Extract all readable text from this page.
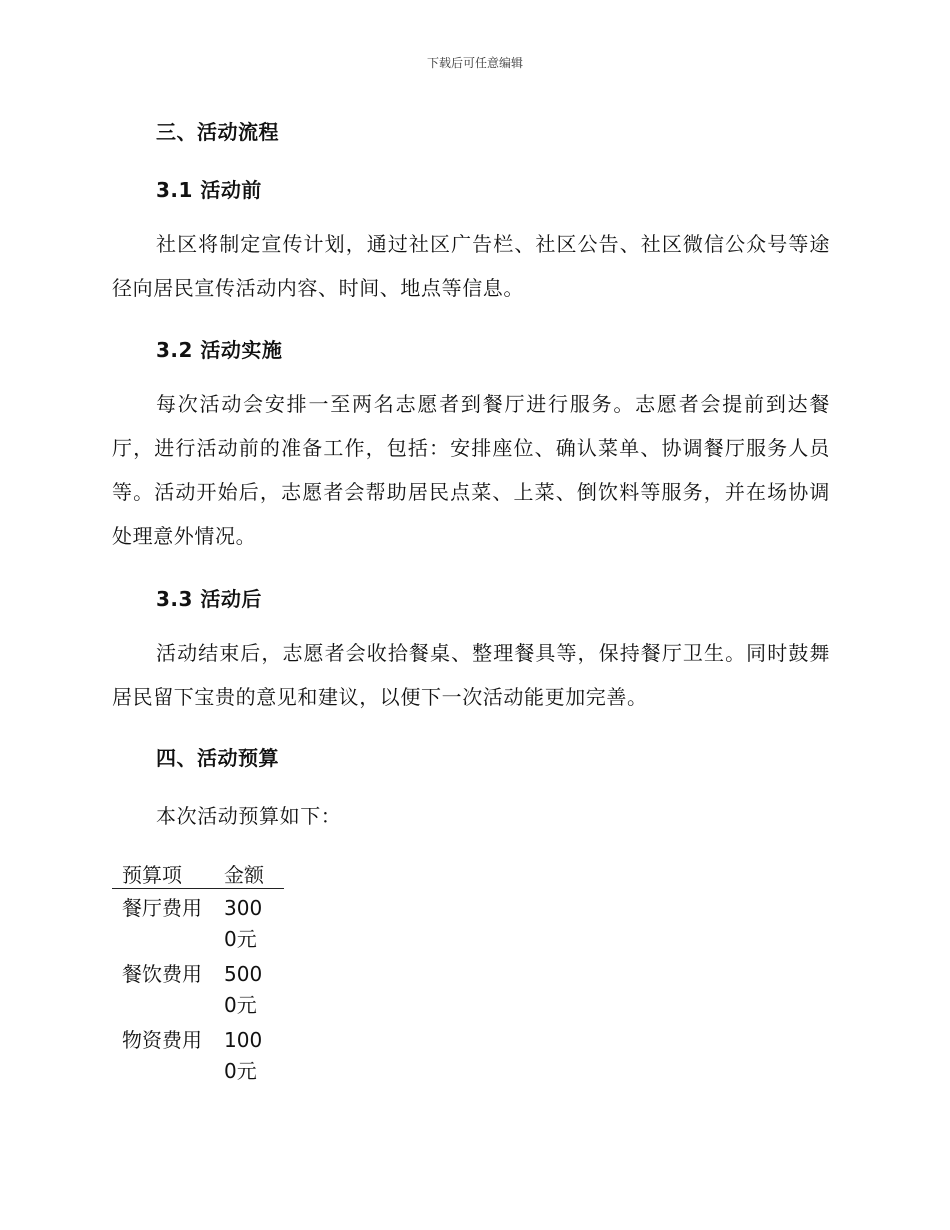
下载后可任意编辑
三、活动流程
3.1 活动前

社区将制定宣传计划，通过社区广告栏、社区公告、社区微信公众号等途径向居民宣传活动内容、时间、地点等信息。

3.2 活动实施

每次活动会安排一至两名志愿者到餐厅进行服务。志愿者会提前到达餐厅，进行活动前的准备工作，包括：安排座位、确认菜单、协调餐厅服务人员等。活动开始后，志愿者会帮助居民点菜、上菜、倒饮料等服务，并在场协调处理意外情况。

3.3 活动后

活动结束后，志愿者会收拾餐桌、整理餐具等，保持餐厅卫生。同时鼓舞居民留下宝贵的意见和建议，以便下一次活动能更加完善。

四、活动预算
本次活动预算如下：
预算项	金额
餐厅费用	3000元
餐饮费用	5000元
物资费用	1000元
